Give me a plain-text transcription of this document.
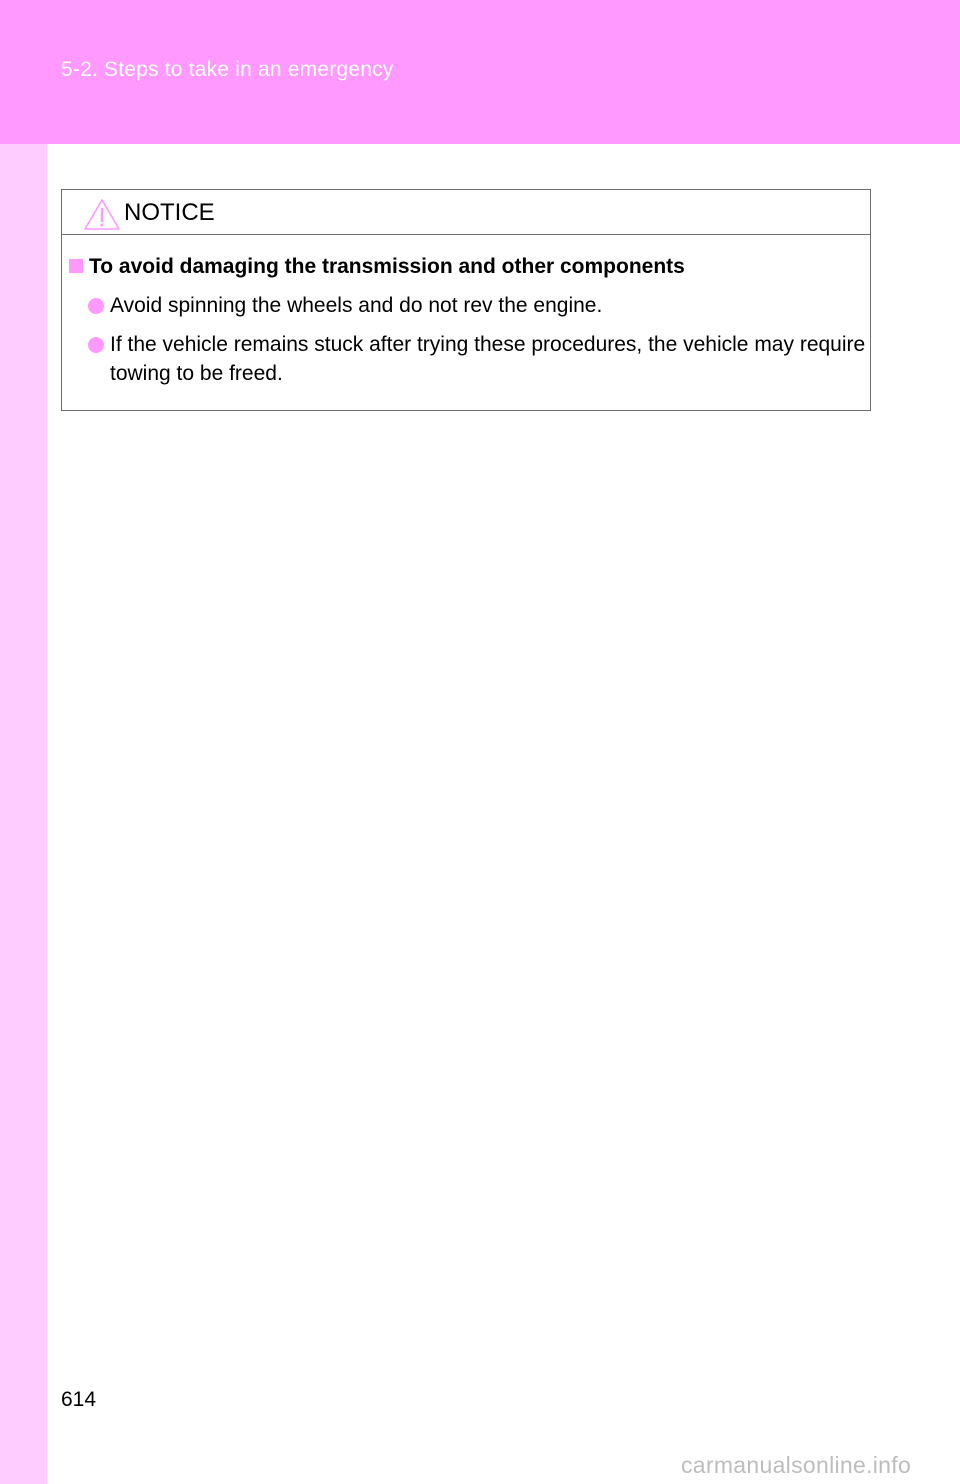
5-2. Steps to take in an emergency
NOTICE
To avoid damaging the transmission and other components
Avoid spinning the wheels and do not rev the engine.
If the vehicle remains stuck after trying these procedures, the vehicle may require towing to be freed.
614
carmanualsonline.info
